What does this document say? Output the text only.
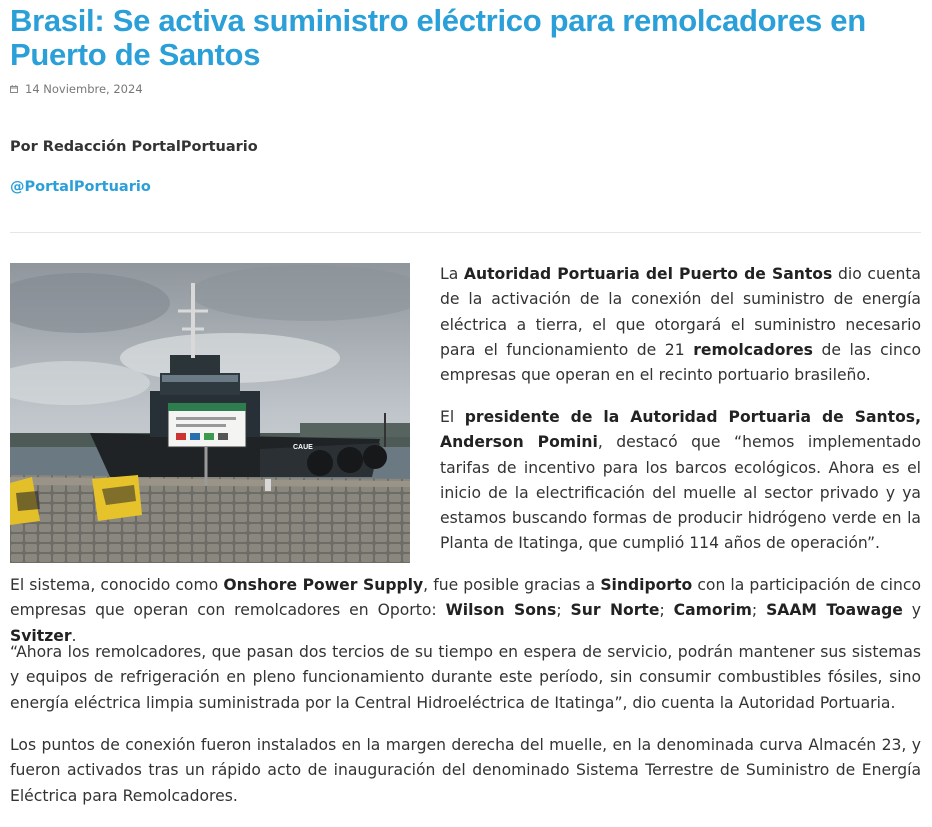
Brasil: Se activa suministro eléctrico para remolcadores en Puerto de Santos
14 Noviembre, 2024
Por Redacción PortalPortuario
@PortalPortuario
CAUE

La Autoridad Portuaria del Puerto de Santos dio cuenta de la activación de la conexión del suministro de energía eléctrica a tierra, el que otorgará el suministro necesario para el funcionamiento de 21 remolcadores de las cinco empresas que operan en el recinto portuario brasileño.

El presidente de la Autoridad Portuaria de Santos, Anderson Pomini, destacó que “hemos implementado tarifas de incentivo para los barcos ecológicos. Ahora es el inicio de la electrificación del muelle al sector privado y ya estamos buscando formas de producir hidrógeno verde en la Planta de Itatinga, que cumplió 114 años de operación”.

El sistema, conocido como Onshore Power Supply, fue posible gracias a Sindiporto con la participación de cinco empresas que operan con remolcadores en Oporto: Wilson Sons; Sur Norte; Camorim; SAAM Toawage y Svitzer.

“Ahora los remolcadores, que pasan dos tercios de su tiempo en espera de servicio, podrán mantener sus sistemas y equipos de refrigeración en pleno funcionamiento durante este período, sin consumir combustibles fósiles, sino energía eléctrica limpia suministrada por la Central Hidroeléctrica de Itatinga”, dio cuenta la Autoridad Portuaria.

Los puntos de conexión fueron instalados en la margen derecha del muelle, en la denominada curva Almacén 23, y fueron activados tras un rápido acto de inauguración del denominado Sistema Terrestre de Suministro de Energía Eléctrica para Remolcadores.
